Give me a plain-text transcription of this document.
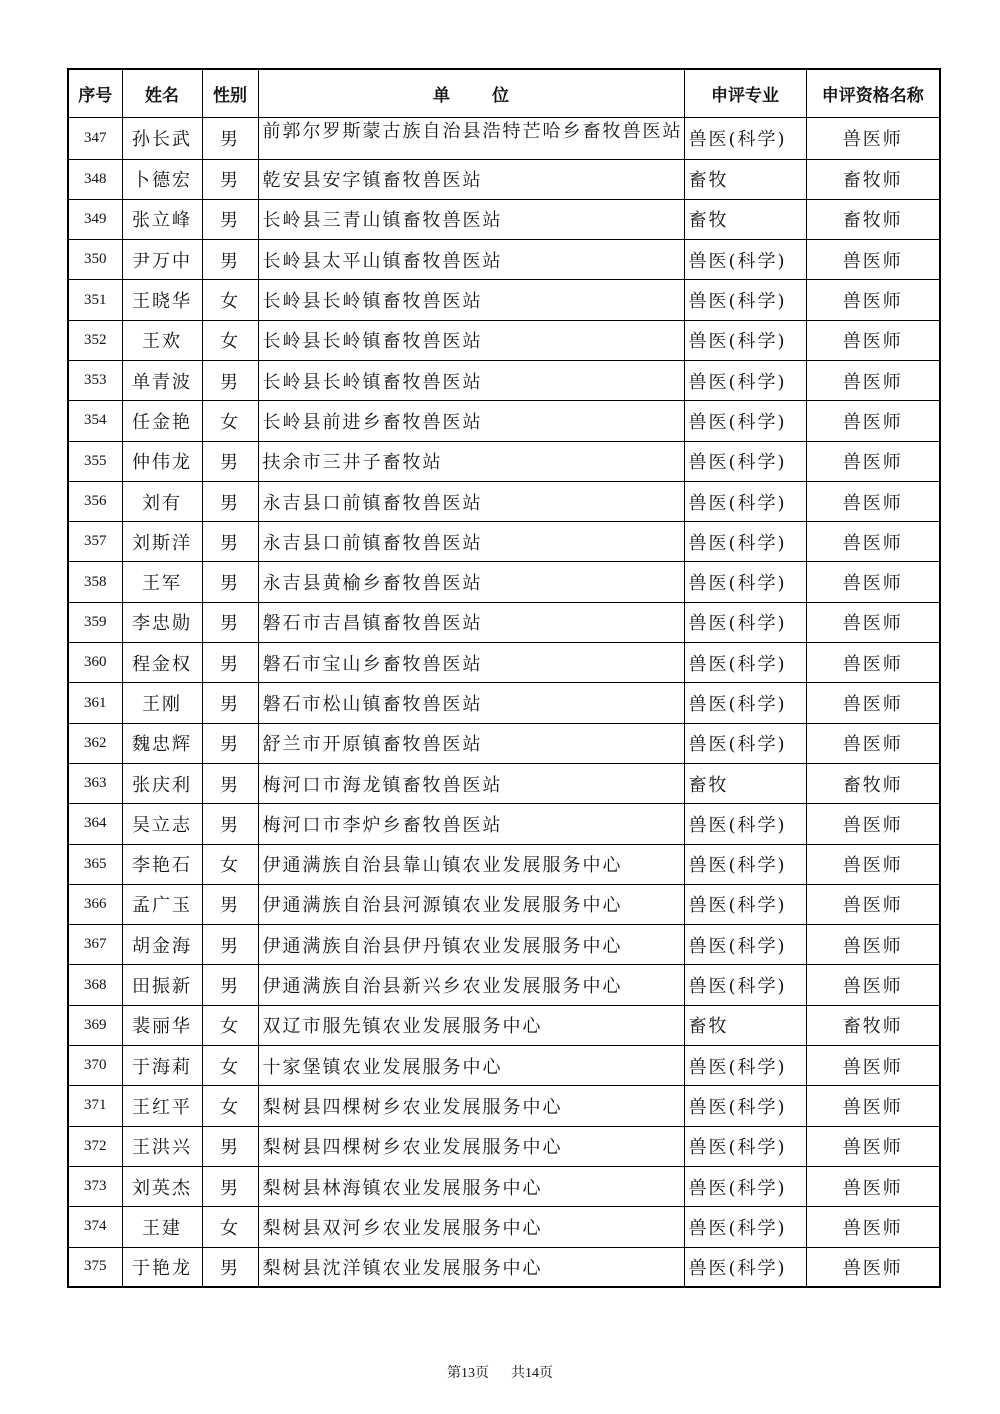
序号	姓名	性别	单 位	申评专业	申评资格名称
347	孙长武	男	前郭尔罗斯蒙古族自治县浩特芒哈乡畜牧兽医站	兽医(科学)	兽医师
348	卜德宏	男	乾安县安字镇畜牧兽医站	畜牧	畜牧师
349	张立峰	男	长岭县三青山镇畜牧兽医站	畜牧	畜牧师
350	尹万中	男	长岭县太平山镇畜牧兽医站	兽医(科学)	兽医师
351	王晓华	女	长岭县长岭镇畜牧兽医站	兽医(科学)	兽医师
352	王欢	女	长岭县长岭镇畜牧兽医站	兽医(科学)	兽医师
353	单青波	男	长岭县长岭镇畜牧兽医站	兽医(科学)	兽医师
354	任金艳	女	长岭县前进乡畜牧兽医站	兽医(科学)	兽医师
355	仲伟龙	男	扶余市三井子畜牧站	兽医(科学)	兽医师
356	刘有	男	永吉县口前镇畜牧兽医站	兽医(科学)	兽医师
357	刘斯洋	男	永吉县口前镇畜牧兽医站	兽医(科学)	兽医师
358	王军	男	永吉县黄榆乡畜牧兽医站	兽医(科学)	兽医师
359	李忠勋	男	磐石市吉昌镇畜牧兽医站	兽医(科学)	兽医师
360	程金权	男	磐石市宝山乡畜牧兽医站	兽医(科学)	兽医师
361	王刚	男	磐石市松山镇畜牧兽医站	兽医(科学)	兽医师
362	魏忠辉	男	舒兰市开原镇畜牧兽医站	兽医(科学)	兽医师
363	张庆利	男	梅河口市海龙镇畜牧兽医站	畜牧	畜牧师
364	吴立志	男	梅河口市李炉乡畜牧兽医站	兽医(科学)	兽医师
365	李艳石	女	伊通满族自治县靠山镇农业发展服务中心	兽医(科学)	兽医师
366	孟广玉	男	伊通满族自治县河源镇农业发展服务中心	兽医(科学)	兽医师
367	胡金海	男	伊通满族自治县伊丹镇农业发展服务中心	兽医(科学)	兽医师
368	田振新	男	伊通满族自治县新兴乡农业发展服务中心	兽医(科学)	兽医师
369	裴丽华	女	双辽市服先镇农业发展服务中心	畜牧	畜牧师
370	于海莉	女	十家堡镇农业发展服务中心	兽医(科学)	兽医师
371	王红平	女	梨树县四棵树乡农业发展服务中心	兽医(科学)	兽医师
372	王洪兴	男	梨树县四棵树乡农业发展服务中心	兽医(科学)	兽医师
373	刘英杰	男	梨树县林海镇农业发展服务中心	兽医(科学)	兽医师
374	王建	女	梨树县双河乡农业发展服务中心	兽医(科学)	兽医师
375	于艳龙	男	梨树县沈洋镇农业发展服务中心	兽医(科学)	兽医师
第13页 共14页
